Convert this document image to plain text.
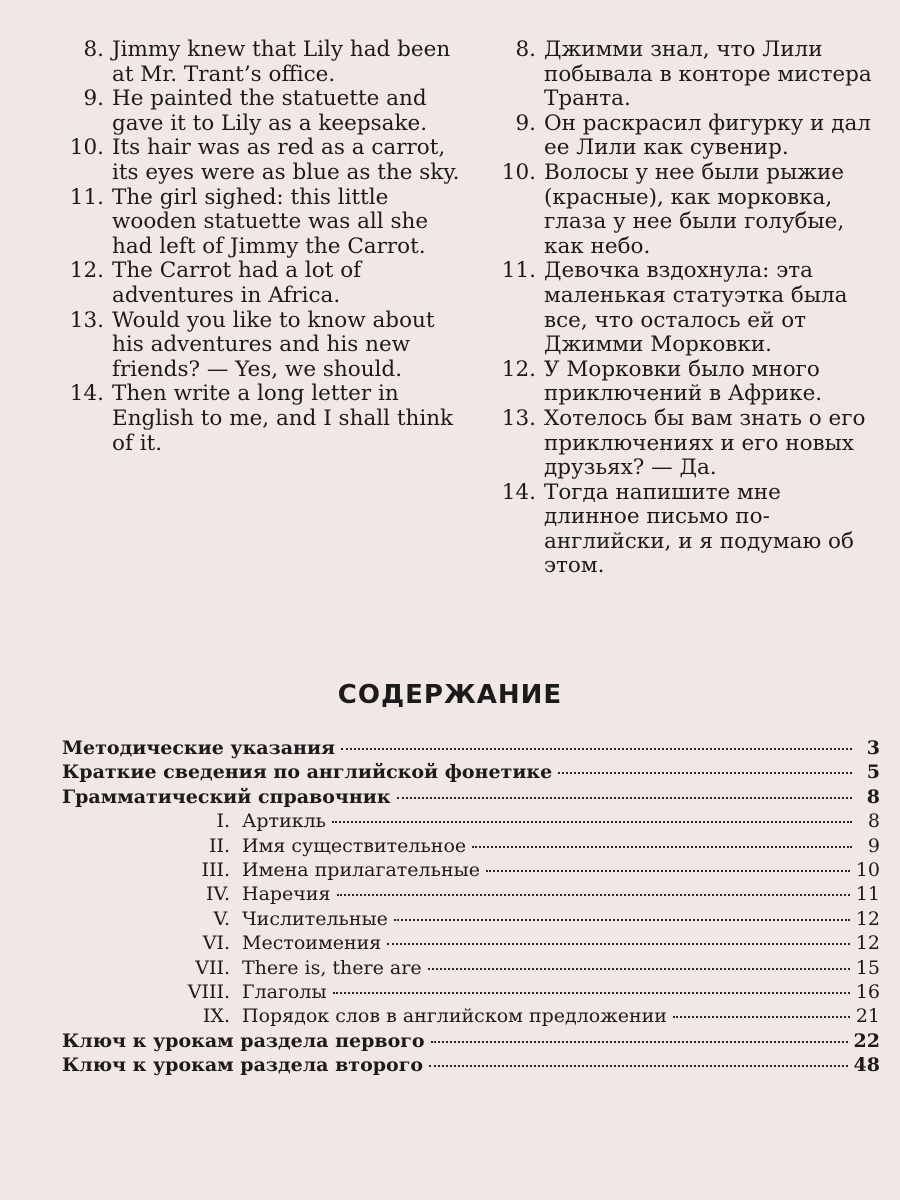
8. Jimmy knew that Lily had been at Mr. Trant’s office.
9. He painted the statuette and gave it to Lily as a keepsake.
10. Its hair was as red as a carrot, its eyes were as blue as the sky.
11. The girl sighed: this little wooden statuette was all she had left of Jimmy the Carrot.
12. The Carrot had a lot of adventures in Africa.
13. Would you like to know about his adventures and his new friends? — Yes, we should.
14. Then write a long letter in English to me, and I shall think of it.
8. Джимми знал, что Лили побывала в конторе мистера Транта.
9. Он раскрасил фигурку и дал ее Лили как сувенир.
10. Волосы у нее были рыжие (красные), как морковка, глаза у нее были голубые, как небо.
11. Девочка вздохнула: эта маленькая статуэтка была все, что осталось ей от Джимми Морковки.
12. У Морковки было много приключений в Африке.
13. Хотелось бы вам знать о его приключениях и его новых друзьях? — Да.
14. Тогда напишите мне длинное письмо по-английски, и я подумаю об этом.
СОДЕРЖАНИЕ
Методические указания	3
Краткие сведения по английской фонетике	5
Грамматический справочник	8
I. Артикль	8
II. Имя существительное	9
III. Имена прилагательные	10
IV. Наречия	11
V. Числительные	12
VI. Местоимения	12
VII. There is, there are	15
VIII. Глаголы	16
IX. Порядок слов в английском предложении	21
Ключ к урокам раздела первого	22
Ключ к урокам раздела второго	48
